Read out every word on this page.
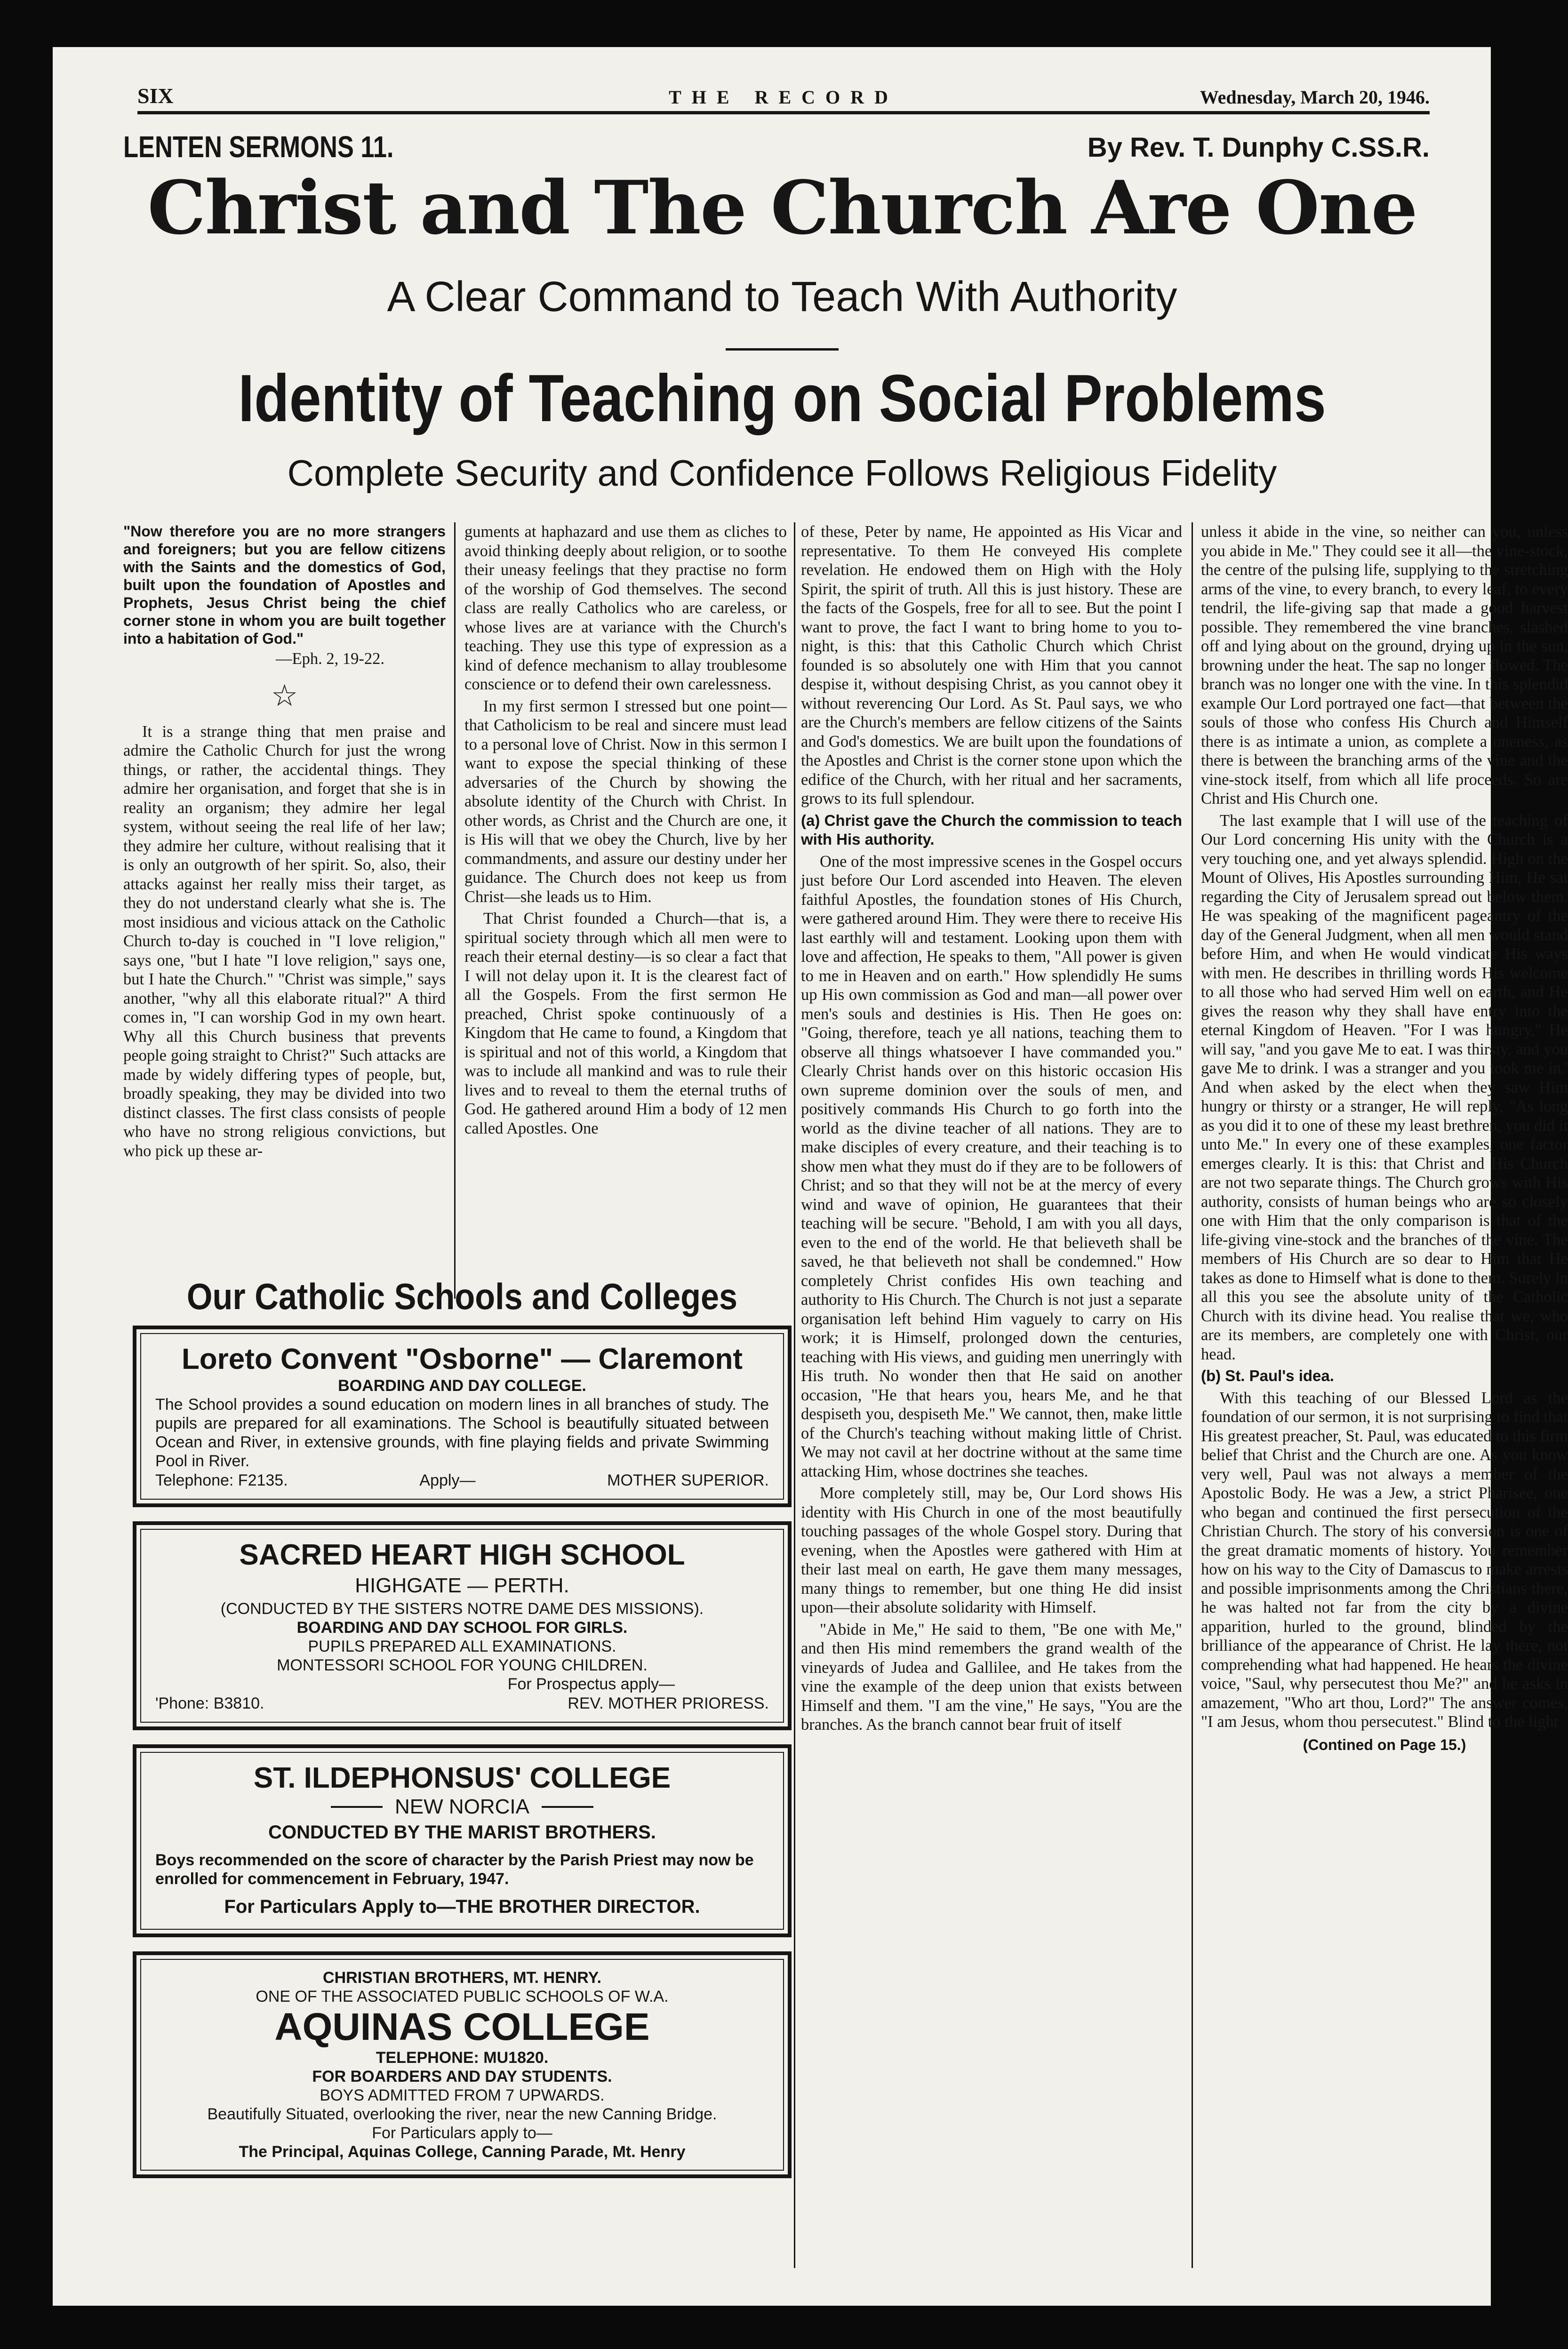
SIX	THE RECORD	Wednesday, March 20, 1946.
LENTEN SERMONS 11.	By Rev. T. Dunphy C.SS.R.
Christ and The Church Are One
A Clear Command to Teach With Authority
Identity of Teaching on Social Problems
Complete Security and Confidence Follows Religious Fidelity
"Now therefore you are no more strangers and foreigners; but you are fellow citizens with the Saints and the domestics of God, built upon the foundation of Apostles and Prophets, Jesus Christ being the chief corner stone in whom you are built together into a habitation of God."
—Eph. 2, 19-22.
☆

It is a strange thing that men praise and admire the Catholic Church for just the wrong things, or rather, the accidental things. They admire her organisation, and forget that she is in reality an organism; they admire her legal system, without seeing the real life of her law; they admire her culture, without realising that it is only an outgrowth of her spirit. So, also, their attacks against her really miss their target, as they do not understand clearly what she is. The most insidious and vicious attack on the Catholic Church to-day is couched in "I love religion," says one, "but I hate "I love religion," says one, but I hate the Church." "Christ was simple," says another, "why all this elaborate ritual?" A third comes in, "I can worship God in my own heart. Why all this Church business that prevents people going straight to Christ?" Such attacks are made by widely differing types of people, but, broadly speaking, they may be divided into two distinct classes. The first class consists of people who have no strong religious convictions, but who pick up these ar-

guments at haphazard and use them as cliches to avoid thinking deeply about religion, or to soothe their uneasy feelings that they practise no form of the worship of God themselves. The second class are really Catholics who are careless, or whose lives are at variance with the Church's teaching. They use this type of expression as a kind of defence mechanism to allay troublesome conscience or to defend their own carelessness.

In my first sermon I stressed but one point—that Catholicism to be real and sincere must lead to a personal love of Christ. Now in this sermon I want to expose the special thinking of these adversaries of the Church by showing the absolute identity of the Church with Christ. In other words, as Christ and the Church are one, it is His will that we obey the Church, live by her commandments, and assure our destiny under her guidance. The Church does not keep us from Christ—she leads us to Him.

That Christ founded a Church—that is, a spiritual society through which all men were to reach their eternal destiny—is so clear a fact that I will not delay upon it. It is the clearest fact of all the Gospels. From the first sermon He preached, Christ spoke continuously of a Kingdom that He came to found, a Kingdom that is spiritual and not of this world, a Kingdom that was to include all mankind and was to rule their lives and to reveal to them the eternal truths of God. He gathered around Him a body of 12 men called Apostles. One

of these, Peter by name, He appointed as His Vicar and representative. To them He conveyed His complete revelation. He endowed them on High with the Holy Spirit, the spirit of truth. All this is just history. These are the facts of the Gospels, free for all to see. But the point I want to prove, the fact I want to bring home to you to-night, is this: that this Catholic Church which Christ founded is so absolutely one with Him that you cannot despise it, without despising Christ, as you cannot obey it without reverencing Our Lord. As St. Paul says, we who are the Church's members are fellow citizens of the Saints and God's domestics. We are built upon the foundations of the Apostles and Christ is the corner stone upon which the edifice of the Church, with her ritual and her sacraments, grows to its full splendour.

(a) Christ gave the Church the commission to teach with His authority.

One of the most impressive scenes in the Gospel occurs just before Our Lord ascended into Heaven. The eleven faithful Apostles, the foundation stones of His Church, were gathered around Him. They were there to receive His last earthly will and testament. Looking upon them with love and affection, He speaks to them, "All power is given to me in Heaven and on earth." How splendidly He sums up His own commission as God and man—all power over men's souls and destinies is His. Then He goes on: "Going, therefore, teach ye all nations, teaching them to observe all things whatsoever I have commanded you." Clearly Christ hands over on this historic occasion His own supreme dominion over the souls of men, and positively commands His Church to go forth into the world as the divine teacher of all nations. They are to make disciples of every creature, and their teaching is to show men what they must do if they are to be followers of Christ; and so that they will not be at the mercy of every wind and wave of opinion, He guarantees that their teaching will be secure. "Behold, I am with you all days, even to the end of the world. He that believeth shall be saved, he that believeth not shall be condemned." How completely Christ confides His own teaching and authority to His Church. The Church is not just a separate organisation left behind Him vaguely to carry on His work; it is Himself, prolonged down the centuries, teaching with His views, and guiding men unerringly with His truth. No wonder then that He said on another occasion, "He that hears you, hears Me, and he that despiseth you, despiseth Me." We cannot, then, make little of the Church's teaching without making little of Christ. We may not cavil at her doctrine without at the same time attacking Him, whose doctrines she teaches.

More completely still, may be, Our Lord shows His identity with His Church in one of the most beautifully touching passages of the whole Gospel story. During that evening, when the Apostles were gathered with Him at their last meal on earth, He gave them many messages, many things to remember, but one thing He did insist upon—their absolute solidarity with Himself.

"Abide in Me," He said to them, "Be one with Me," and then His mind remembers the grand wealth of the vineyards of Judea and Gallilee, and He takes from the vine the example of the deep union that exists between Himself and them. "I am the vine," He says, "You are the branches. As the branch cannot bear fruit of itself

unless it abide in the vine, so neither can you, unless you abide in Me." They could see it all—the vine-stock, the centre of the pulsing life, supplying to the stretching arms of the vine, to every branch, to every leaf, to every tendril, the life-giving sap that made a good harvest possible. They remembered the vine branches, slashed off and lying about on the ground, drying up in the sun, browning under the heat. The sap no longer flowed. The branch was no longer one with the vine. In this splendid example Our Lord portrayed one fact—that between the souls of those who confess His Church and Himself there is as intimate a union, as complete a oneness, as there is between the branching arms of the vine and the vine-stock itself, from which all life proceeds. So are Christ and His Church one.

The last example that I will use of the teaching of Our Lord concerning His unity with the Church is a very touching one, and yet always splendid. High on the Mount of Olives, His Apostles surrounding Him, He sat regarding the City of Jerusalem spread out below them. He was speaking of the magnificent pageantry of the day of the General Judgment, when all men would stand before Him, and when He would vindicate His ways with men. He describes in thrilling words His welcome to all those who had served Him well on earth, and He gives the reason why they shall have entry into the eternal Kingdom of Heaven. "For I was hungry," He will say, "and you gave Me to eat. I was thirsty, and you gave Me to drink. I was a stranger and you took me in.' And when asked by the elect when they saw Him hungry or thirsty or a stranger, He will reply, "As long as you did it to one of these my least brethren, you did it unto Me." In every one of these examples, one factor emerges clearly. It is this: that Christ and His Church are not two separate things. The Church grows with His authority, consists of human beings who are so closely one with Him that the only comparison is that of the life-giving vine-stock and the branches of the vine. The members of His Church are so dear to Him that He takes as done to Himself what is done to them. Surely in all this you see the absolute unity of the Catholic Church with its divine head. You realise that we, who are its members, are completely one with Christ, our head.

(b) St. Paul's idea.

With this teaching of our Blessed Lord as the foundation of our sermon, it is not surprising to find that His greatest preacher, St. Paul, was educated to this firm belief that Christ and the Church are one. As you know very well, Paul was not always a member of the Apostolic Body. He was a Jew, a strict Pharisee, one who began and continued the first persecution of the Christian Church. The story of his conversion is one of the great dramatic moments of history. You remember how on his way to the City of Damascus to make arrests and possible imprisonments among the Christians there, he was halted not far from the city by a divine apparition, hurled to the ground, blinded by the brilliance of the appearance of Christ. He lay there, not comprehending what had happened. He hears the divine voice, "Saul, why persecutest thou Me?" and he asks in amazement, "Who art thou, Lord?" The answer comes, "I am Jesus, whom thou persecutest." Blind to the light

(Contined on Page 15.)
Our Catholic Schools and Colleges
Loreto Convent "Osborne" — Claremont
BOARDING AND DAY COLLEGE.
The School provides a sound education on modern lines in all branches of study. The pupils are prepared for all examinations. The School is beautifully situated between Ocean and River, in extensive grounds, with fine playing fields and private Swimming Pool in River.
Telephone: F2135.	Apply—	MOTHER SUPERIOR.
SACRED HEART HIGH SCHOOL
HIGHGATE — PERTH.
(CONDUCTED BY THE SISTERS NOTRE DAME DES MISSIONS).
BOARDING AND DAY SCHOOL FOR GIRLS.
PUPILS PREPARED ALL EXAMINATIONS.
MONTESSORI SCHOOL FOR YOUNG CHILDREN.
For Prospectus apply—
'Phone: B3810.	REV. MOTHER PRIORESS.
ST. ILDEPHONSUS' COLLEGE
NEW NORCIA
CONDUCTED BY THE MARIST BROTHERS.
Boys recommended on the score of character by the Parish Priest may now be enrolled for commencement in February, 1947.
For Particulars Apply to—THE BROTHER DIRECTOR.
CHRISTIAN BROTHERS, MT. HENRY.
ONE OF THE ASSOCIATED PUBLIC SCHOOLS OF W.A.
AQUINAS COLLEGE
TELEPHONE: MU1820.
FOR BOARDERS AND DAY STUDENTS.
BOYS ADMITTED FROM 7 UPWARDS.
Beautifully Situated, overlooking the river, near the new Canning Bridge.
For Particulars apply to—
The Principal, Aquinas College, Canning Parade, Mt. Henry
